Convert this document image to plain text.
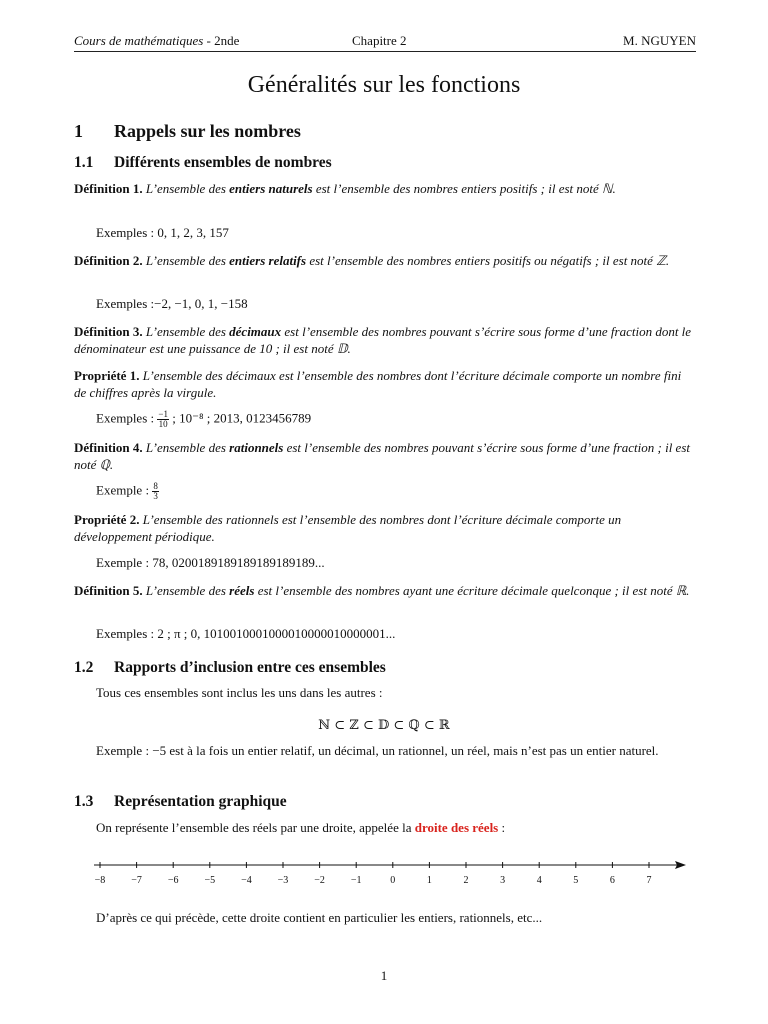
Cours de mathématiques - 2nde	Chapitre 2	M. NGUYEN
Généralités sur les fonctions
1 Rappels sur les nombres
1.1 Différents ensembles de nombres
Définition 1. L’ensemble des entiers naturels est l’ensemble des nombres entiers positifs ; il est noté ℕ.
Exemples : 0, 1, 2, 3, 157
Définition 2. L’ensemble des entiers relatifs est l’ensemble des nombres entiers positifs ou négatifs ; il est noté ℤ.
Exemples :−2, −1, 0, 1, −158
Définition 3. L’ensemble des décimaux est l’ensemble des nombres pouvant s’écrire sous forme d’une fraction dont le dénominateur est une puissance de 10 ; il est noté 𝔻.
Propriété 1. L’ensemble des décimaux est l’ensemble des nombres dont l’écriture décimale comporte un nombre fini de chiffres après la virgule.
Exemples : $\frac{-1}{10}$ ; 10⁻⁸ ; 2013, 0123456789
Définition 4. L’ensemble des rationnels est l’ensemble des nombres pouvant s’écrire sous forme d’une fraction ; il est noté ℚ.
Exemple : $\frac{8}{3}$
Propriété 2. L’ensemble des rationnels est l’ensemble des nombres dont l’écriture décimale comporte un développement périodique.
Exemple : 78, 0200189189189189189189...
Définition 5. L’ensemble des réels est l’ensemble des nombres ayant une écriture décimale quelconque ; il est noté ℝ.
Exemples : 2 ; π ; 0, 1010010001000010000010000001...
1.2 Rapports d’inclusion entre ces ensembles
Tous ces ensembles sont inclus les uns dans les autres :
ℕ ⊂ ℤ ⊂ 𝔻 ⊂ ℚ ⊂ ℝ
Exemple : −5 est à la fois un entier relatif, un décimal, un rationnel, un réel, mais n’est pas un entier naturel.
1.3 Représentation graphique
On représente l’ensemble des réels par une droite, appelée la droite des réels :
−8	−7	−6	−5	−4	−3	−2	−1	0	1	2	3	4	5	6	7
D’après ce qui précède, cette droite contient en particulier les entiers, rationnels, etc...
1
